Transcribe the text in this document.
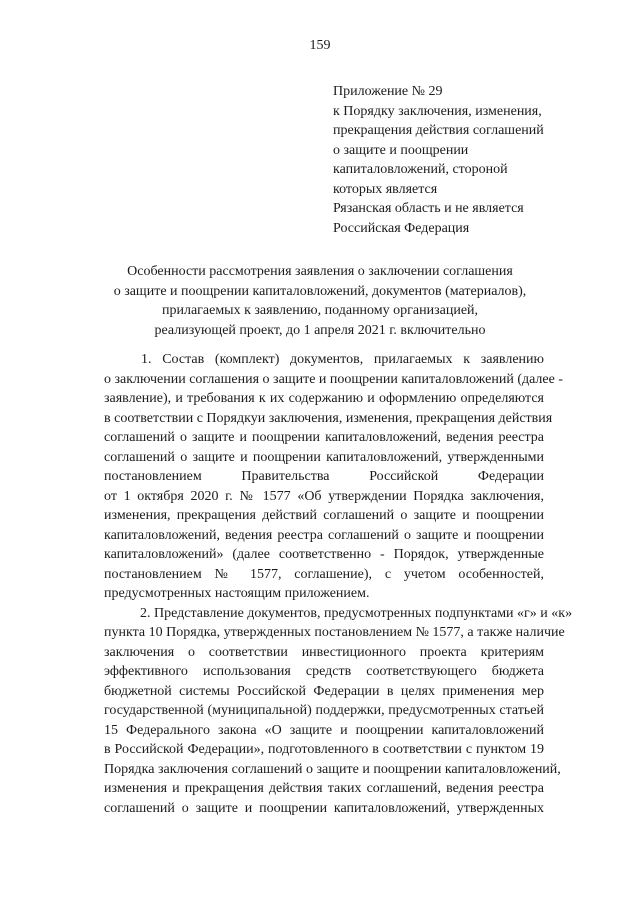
159
Приложение № 29
к Порядку заключения, изменения,
прекращения действия соглашений
о защите и поощрении
капиталовложений, стороной
которых является
Рязанская область и не является
Российская Федерация
Особенности рассмотрения заявления о заключении соглашения
о защите и поощрении капиталовложений, документов (материалов),
прилагаемых к заявлению, поданному организацией,
реализующей проект, до 1 апреля 2021 г. включительно
1. Состав (комплект) документов, прилагаемых к заявлению
о заключении соглашения о защите и поощрении капиталовложений (далее -
заявление), и требования к их содержанию и оформлению определяются
в соответствии с Порядкуи заключения, изменения, прекращения действия
соглашений о защите и поощрении капиталовложений, ведения реестра
соглашений о защите и поощрении капиталовложений, утвержденными
постановлением Правительства Российской Федерации
от 1 октября 2020 г. № 1577 «Об утверждении Порядка заключения,
изменения, прекращения действий соглашений о защите и поощрении
капиталовложений, ведения реестра соглашений о защите и поощрении
капиталовложений» (далее соответственно - Порядок, утвержденные
постановлением № 1577, соглашение), с учетом особенностей,
предусмотренных настоящим приложением.
2. Представление документов, предусмотренных подпунктами «г» и «к»
пункта 10 Порядка, утвержденных постановлением № 1577, а также наличие
заключения о соответствии инвестиционного проекта критериям
эффективного использования средств соответствующего бюджета
бюджетной системы Российской Федерации в целях применения мер
государственной (муниципальной) поддержки, предусмотренных статьей
15 Федерального закона «О защите и поощрении капиталовложений
в Российской Федерации», подготовленного в соответствии с пунктом 19
Порядка заключения соглашений о защите и поощрении капиталовложений,
изменения и прекращения действия таких соглашений, ведения реестра
соглашений о защите и поощрении капиталовложений, утвержденных
